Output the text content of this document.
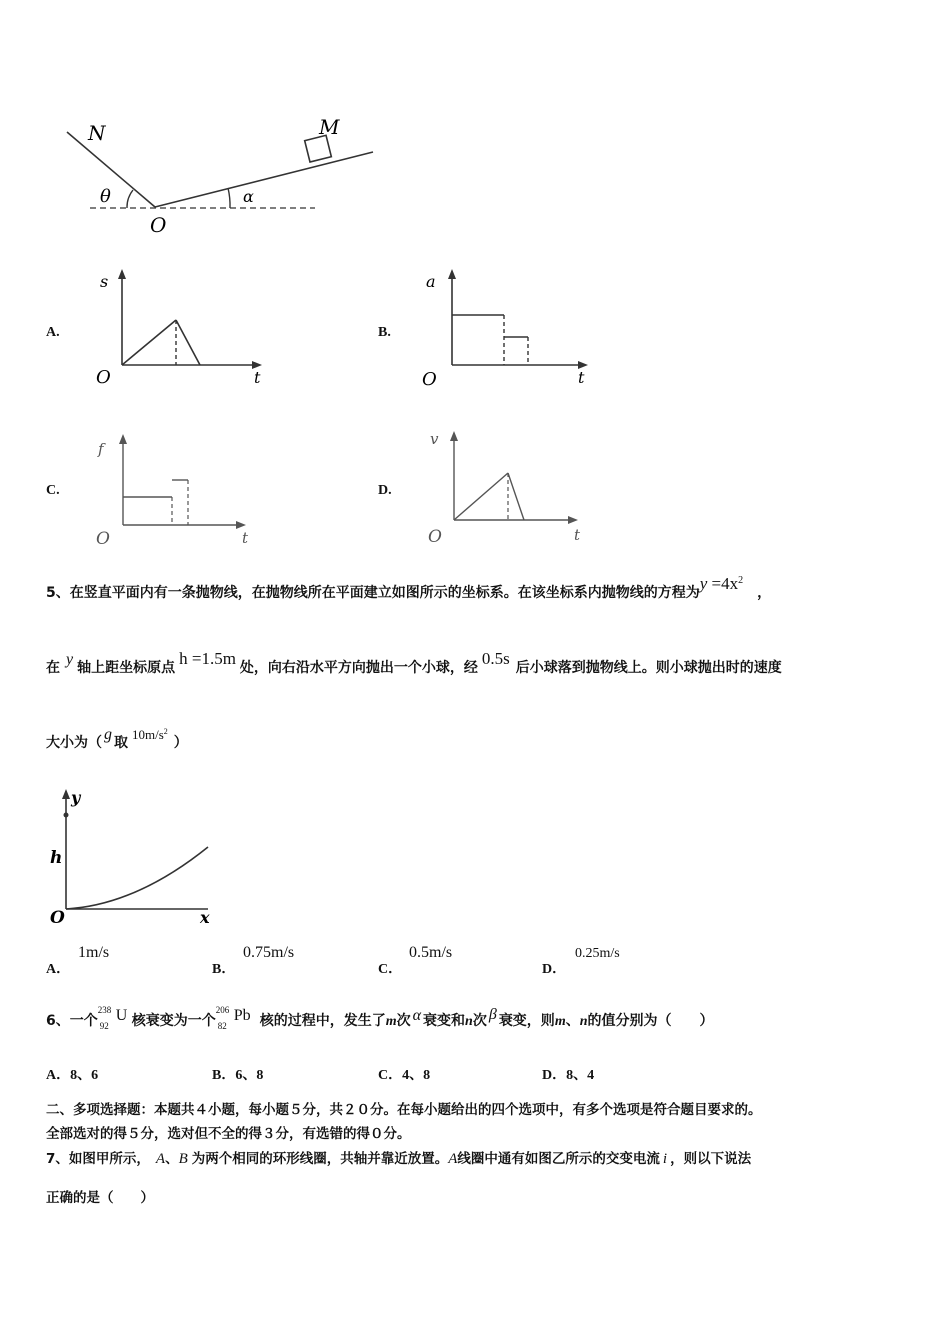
N	M
O
θ	α
A.
s
t
O
B.
a
t
O
C.
f
t
O
D.
v
t
O
5、在竖直平面内有一条抛物线，在抛物线所在平面建立如图所示的坐标系。在该坐标系内抛物线的方程为$y =4x^2$，
在 y 轴上距坐标原点 h =1.5m 处，向右沿水平方向抛出一个小球，经 0.5s 后小球落到抛物线上。则小球抛出时的速度
大小为（ g 取$10m/s^2$）
y
h
O	x
A．
1m/s
B．
0.75m/s
C．
0.5m/s
D．
0.25m/s
6、一个
238
92
U 核衰变为一个
206
82
Pb 核的过程中，发生了m次 α 衰变和n次 β 衰变，则m、n的值分别为（　　）
A．8、6	B．6、8	C．4、8	D．8、4
二、多项选择题：本题共４小题，每小题５分，共２０分。在每小题给出的四个选项中，有多个选项是符合题目要求的。
全部选对的得５分，选对但不全的得３分，有选错的得０分。
7、如图甲所示， A、B 为两个相同的环形线圈，共轴并靠近放置。A线圈中通有如图乙所示的交变电流 i ，则以下说法
正确的是（　　）
